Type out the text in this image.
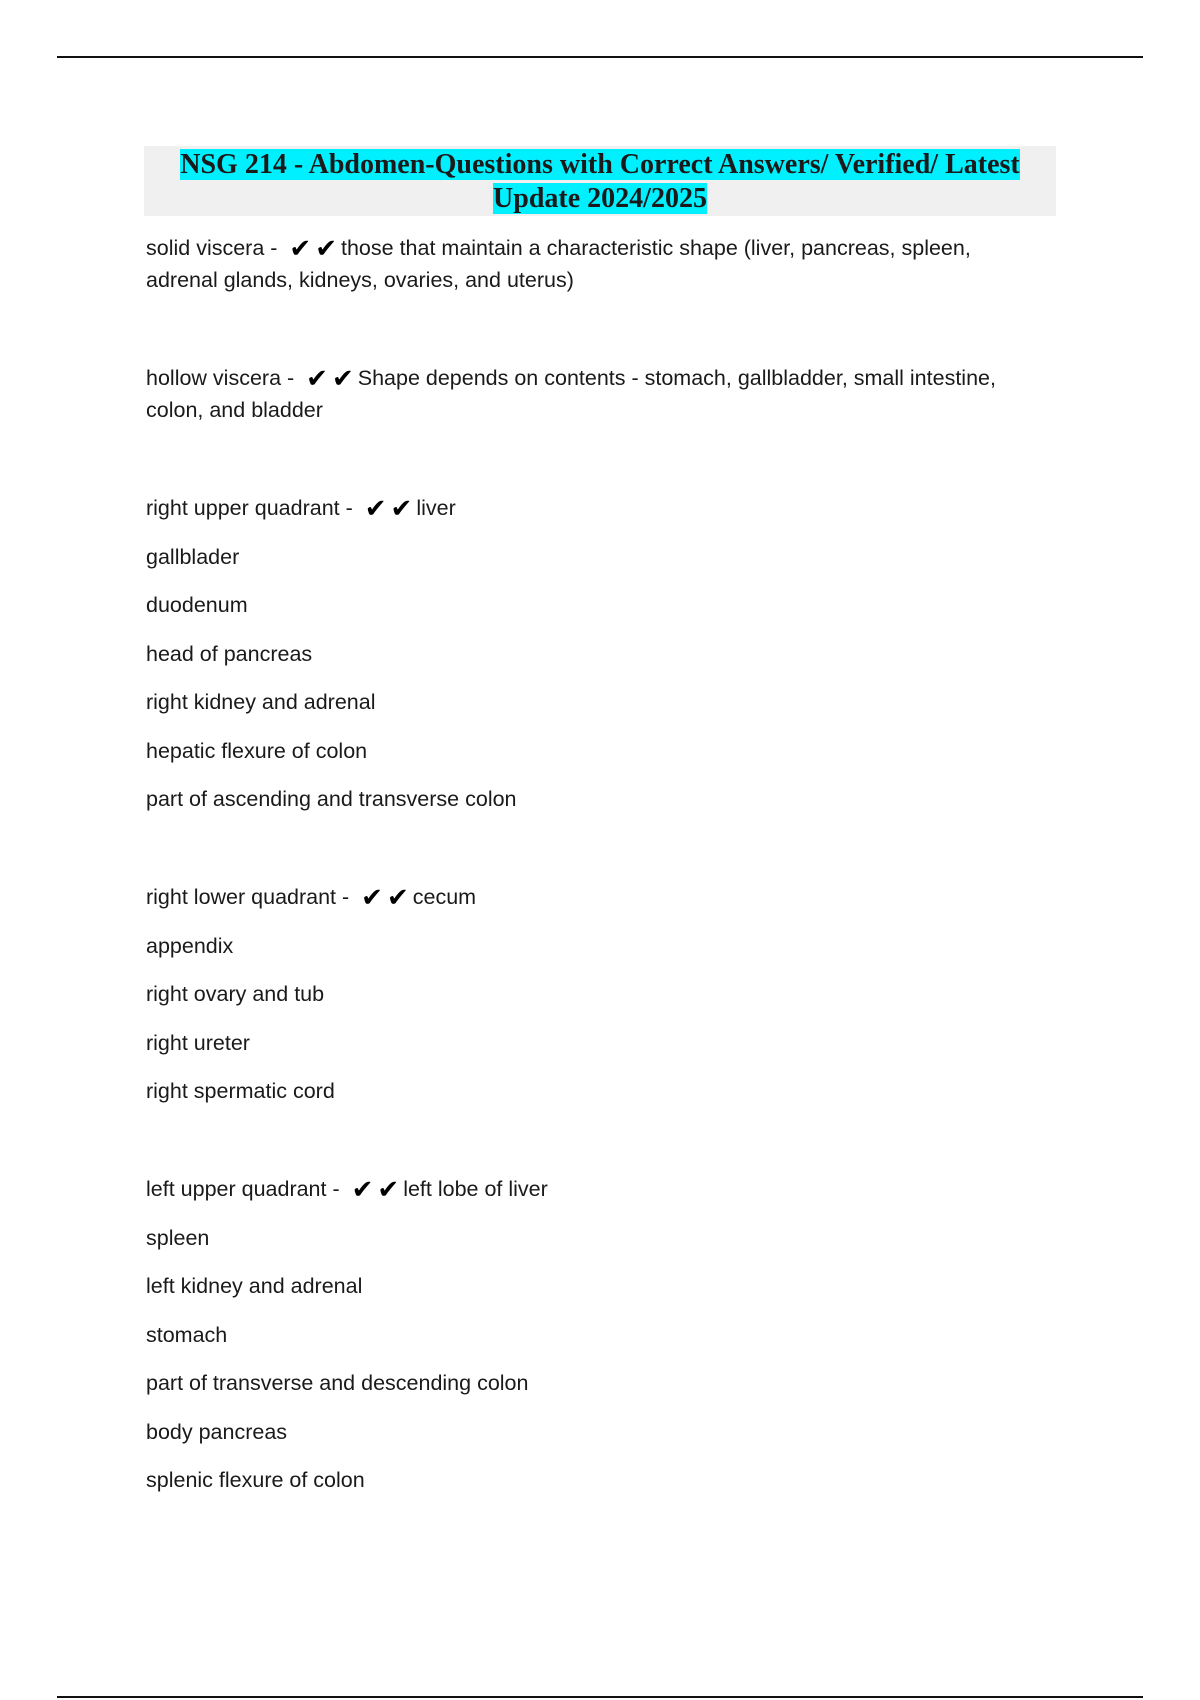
NSG 214 - Abdomen-Questions with Correct Answers/ Verified/ Latest
Update 2024/2025

solid viscera - ✔ ✔ those that maintain a characteristic shape (liver, pancreas, spleen, adrenal glands, kidneys, ovaries, and uterus)

hollow viscera - ✔ ✔ Shape depends on contents - stomach, gallbladder, small intestine, colon, and bladder

right upper quadrant - ✔ ✔ liver

gallblader

duodenum

head of pancreas

right kidney and adrenal

hepatic flexure of colon

part of ascending and transverse colon

right lower quadrant - ✔ ✔ cecum

appendix

right ovary and tub

right ureter

right spermatic cord

left upper quadrant - ✔ ✔ left lobe of liver

spleen

left kidney and adrenal

stomach

part of transverse and descending colon

body pancreas

splenic flexure of colon
